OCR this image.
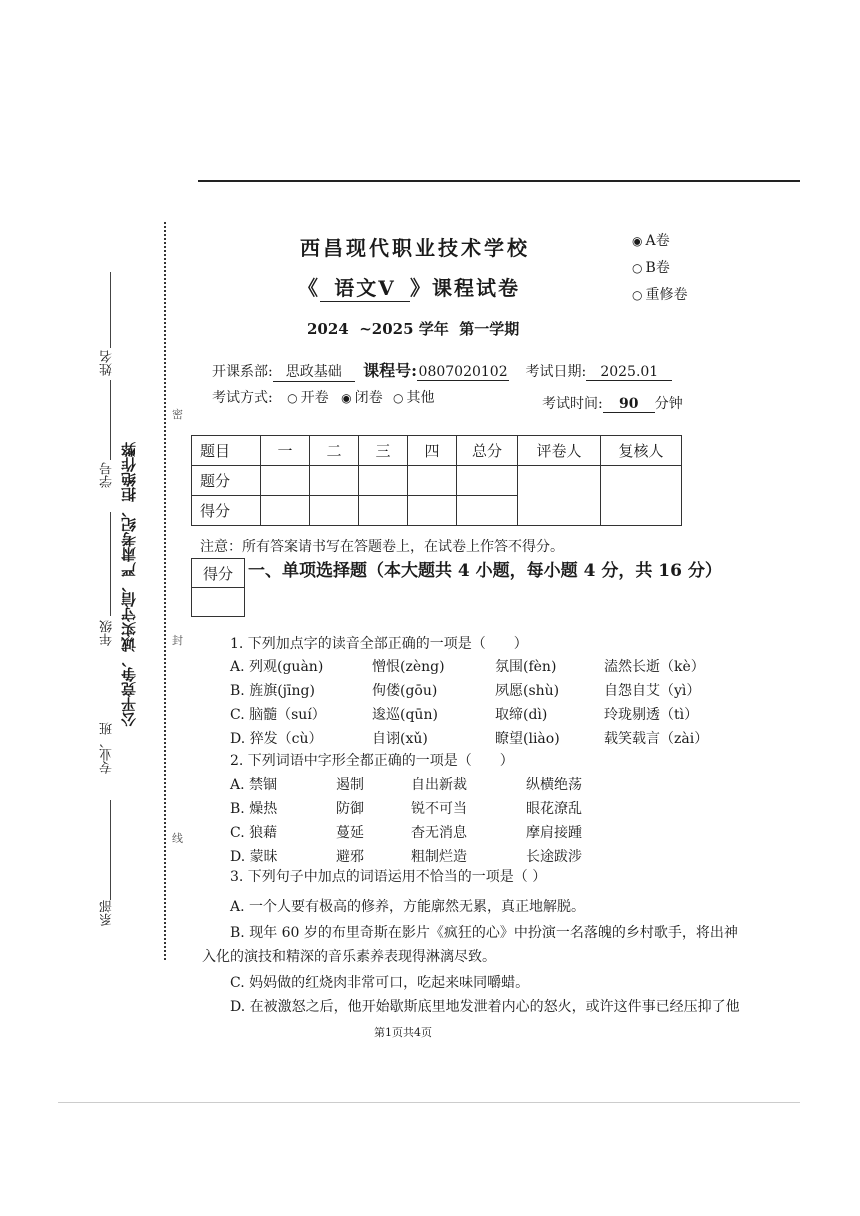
姓名
学号
年级
专业、班
系部
公平竞争、诚实守信、严肃考纪、拒绝作弊
密
封
线
西昌现代职业技术学校
《 语文Ⅴ 》课程试卷
◉ A卷
○ B卷
○ 重修卷
2024 ~2025 学年 第一学期
开课系部: 思政基础 课程号:0807020102 考试日期: 2025.01
考试方式: ○ 开卷 ◉ 闭卷 ○ 其他	考试时间: 90 分钟
题目	一	二	三	四	总分	评卷人	复核人
题分							
得分							
注意：所有答案请书写在答题卷上，在试卷上作答不得分。
得分 一、单项选择题（本大题共 4 小题，每小题 4 分，共 16 分）
1. 下列加点字的读音全部正确的一项是（　　）
A. 列观(guàn)	憎恨(zèng)	氛围(fèn)	溘然长逝（kè）
B. 旌旗(jīng)	佝偻(gōu)	夙愿(shù)	自怨自艾（yì）
C. 脑髓（suí）	逡巡(qūn)	取缔(dì)	玲珑剔透（tì）
D. 猝发（cù）	自诩(xǔ)	瞭望(liào)	载笑载言（zài）
2. 下列词语中字形全都正确的一项是（　　）
A. 禁锢	遏制	自出新裁	纵横绝荡
B. 燥热	防御	锐不可当	眼花潦乱
C. 狼藉	蔓延	杳无消息	摩肩接踵
D. 蒙昧	避邪	粗制烂造	长途跋涉
3. 下列句子中加点的词语运用不恰当的一项是（ ）
A. 一个人要有极高的修养，方能廓然无累，真正地解脱。
B. 现年 60 岁的布里奇斯在影片《疯狂的心》中扮演一名落魄的乡村歌手，将出神
入化的演技和精深的音乐素养表现得淋漓尽致。
C. 妈妈做的红烧肉非常可口，吃起来味同嚼蜡。
D. 在被激怒之后，他开始歇斯底里地发泄着内心的怒火，或许这件事已经压抑了他
第1页共4页
